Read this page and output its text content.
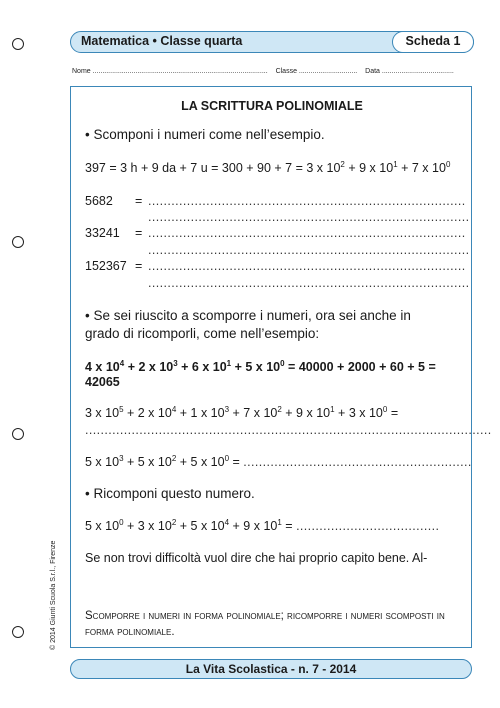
Matematica • Classe quarta	Scheda 1
Nome .......................................................................................... Classe .............................. Data .....................................
© 2014 Giunti Scuola S.r.l., Firenze
LA SCRITTURA POLINOMIALE
• Scomponi i numeri come nell’esempio.
397 = 3 h + 9 da + 7 u = 300 + 90 + 7 = 3 x $10^2 + 9$ x $10^1 + 7$ x $10^0$
5682 = ..................................................................................
...................................................................................
33241 = ..................................................................................
...................................................................................
152367 = ..................................................................................
...................................................................................
• Se sei riuscito a scomporre i numeri, ora sei anche in
grado di ricomporli, come nell’esempio:
4 x $10^4 + 2$ x $10^3 + 6$ x $10^1 + 5$ x $10^0 = 40000 + 2000 + 60 + 5$ =
42065
3 x $10^5 + 2$ x $10^4 + 1$ x $10^3 + 7$ x $10^2 + 9$ x $10^1 + 3$ x $10^0$ =
.........................................................................................................
5 x $10^3 + 5$ x $10^2 + 5$ x $10^0$ = ...........................................................
• Ricomponi questo numero.
5 x $10^0 + 3$ x $10^2 + 5$ x $10^4 + 9$ x $10^1$ = .....................................
Se non trovi difficoltà vuol dire che hai proprio capito bene. Al-
Scomporre i numeri in forma polinomiale; ricomporre i numeri scomposti in
forma polinomiale.
La Vita Scolastica - n. 7 - 2014
